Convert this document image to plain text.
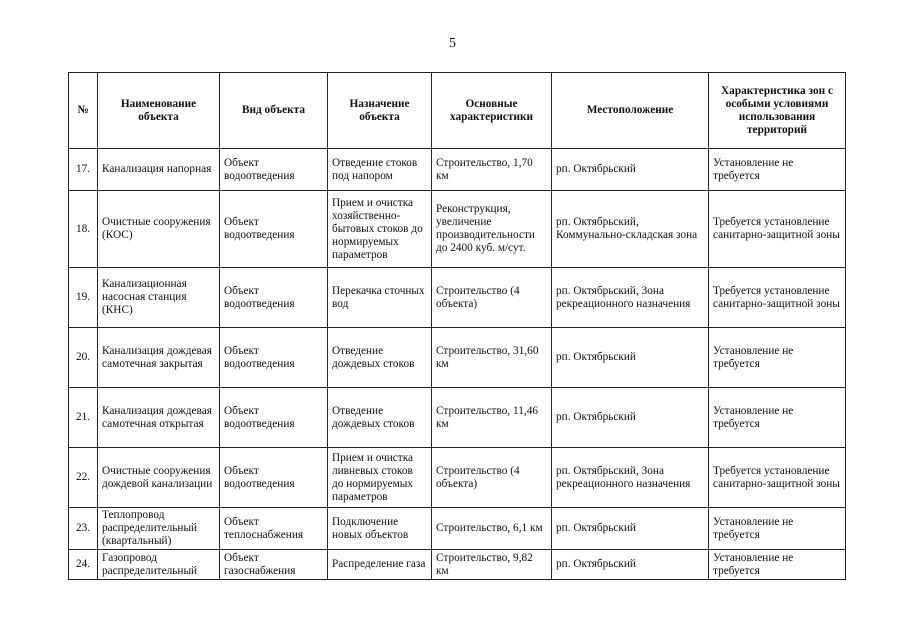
5
№	Наименование объекта	Вид объекта	Назначение объекта	Основные характеристики	Местоположение	Характеристика зон с особыми условиями использования территорий
17.	Канализация напорная	Объект водоотведения	Отведение стоков под напором	Строительство, 1,70 км	рп. Октябрьский	Установление не требуется
18.	Очистные сооружения (КОС)	Объект водоотведения	Прием и очистка хозяйственно-бытовых стоков до нормируемых параметров	Реконструкция, увеличение производительности до 2400 куб. м/сут.	рп. Октябрьский, Коммунально-складская зона	Требуется установление санитарно-защитной зоны
19.	Канализационная насосная станция (КНС)	Объект водоотведения	Перекачка сточных вод	Строительство (4 объекта)	рп. Октябрьский, Зона рекреационного назначения	Требуется установление санитарно-защитной зоны
20.	Канализация дождевая самотечная закрытая	Объект водоотведения	Отведение дождевых стоков	Строительство, 31,60 км	рп. Октябрьский	Установление не требуется
21.	Канализация дождевая самотечная открытая	Объект водоотведения	Отведение дождевых стоков	Строительство, 11,46 км	рп. Октябрьский	Установление не требуется
22.	Очистные сооружения дождевой канализации	Объект водоотведения	Прием и очистка ливневых стоков до нормируемых параметров	Строительство (4 объекта)	рп. Октябрьский, Зона рекреационного назначения	Требуется установление санитарно-защитной зоны
23.	Теплопровод распределительный (квартальный)	Объект теплоснабжения	Подключение новых объектов	Строительство, 6,1 км	рп. Октябрьский	Установление не требуется
24.	Газопровод распределительный	Объект газоснабжения	Распределение газа	Строительство, 9,82 км	рп. Октябрьский	Установление не требуется
